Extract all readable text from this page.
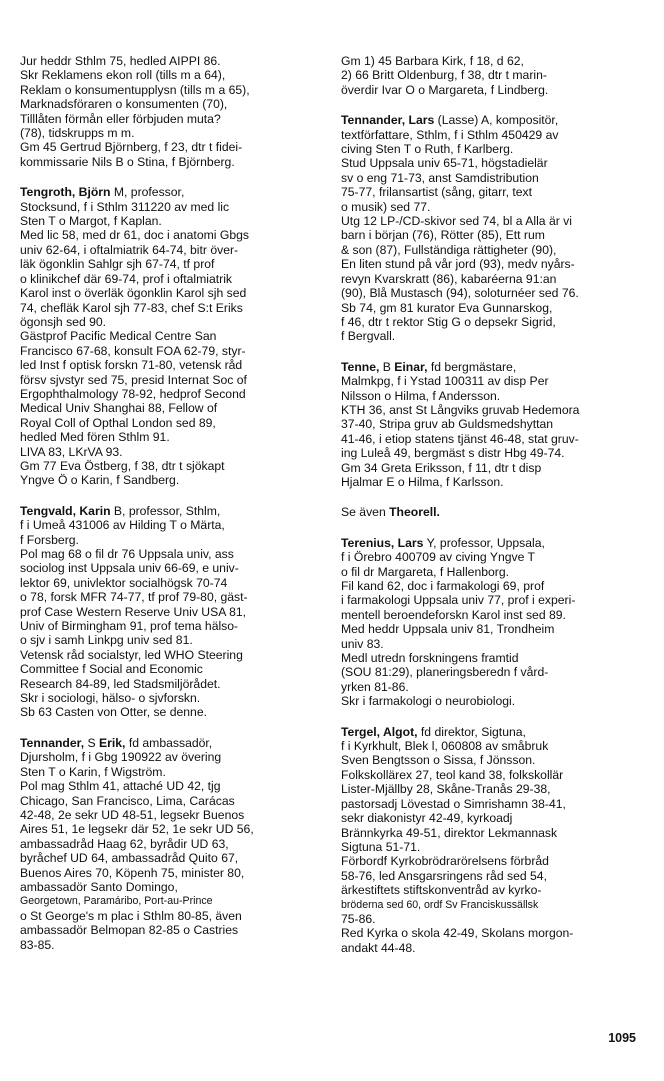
Jur heddr Sthlm 75, hedled AIPPI 86.
Skr Reklamens ekon roll (tills m a 64),
Reklam o konsumentupplysn (tills m a 65),
Marknadsföraren o konsumenten (70),
Tilllåten förmån eller förbjuden muta?
(78), tidskrupps m m.
Gm 45 Gertrud Björnberg, f 23, dtr t fidei-
kommissarie Nils B o Stina, f Björnberg.
Tengroth, Björn M, professor,
Stocksund, f i Sthlm 311220 av med lic
Sten T o Margot, f Kaplan.
Med lic 58, med dr 61, doc i anatomi Gbgs
univ 62-64, i oftalmiatrik 64-74, bitr över-
läk ögonklin Sahlgr sjh 67-74, tf prof
o klinikchef där 69-74, prof i oftalmiatrik
Karol inst o överläk ögonklin Karol sjh sed
74, chefläk Karol sjh 77-83, chef S:t Eriks
ögonsjh sed 90.
Gästprof Pacific Medical Centre San
Francisco 67-68, konsult FOA 62-79, styr-
led Inst f optisk forskn 71-80, vetensk råd
försv sjvstyr sed 75, presid Internat Soc of
Ergophthalmology 78-92, hedprof Second
Medical Univ Shanghai 88, Fellow of
Royal Coll of Opthal London sed 89,
hedled Med fören Sthlm 91.
LIVA 83, LKrVA 93.
Gm 77 Eva Östberg, f 38, dtr t sjökapt
Yngve Ö o Karin, f Sandberg.
Tengvald, Karin B, professor, Sthlm,
f i Umeå 431006 av Hilding T o Märta,
f Forsberg.
Pol mag 68 o fil dr 76 Uppsala univ, ass
sociolog inst Uppsala univ 66-69, e univ-
lektor 69, univlektor socialhögsk 70-74
o 78, forsk MFR 74-77, tf prof 79-80, gäst-
prof Case Western Reserve Univ USA 81,
Univ of Birmingham 91, prof tema hälso-
o sjv i samh Linkpg univ sed 81.
Vetensk råd socialstyr, led WHO Steering
Committee f Social and Economic
Research 84-89, led Stadsmiljörådet.
Skr i sociologi, hälso- o sjvforskn.
Sb 63 Casten von Otter, se denne.
Tennander, S Erik, fd ambassadör,
Djursholm, f i Gbg 190922 av övering
Sten T o Karin, f Wigström.
Pol mag Sthlm 41, attaché UD 42, tjg
Chicago, San Francisco, Lima, Carácas
42-48, 2e sekr UD 48-51, legsekr Buenos
Aires 51, 1e legsekr där 52, 1e sekr UD 56,
ambassadråd Haag 62, byrådir UD 63,
byråchef UD 64, ambassadråd Quito 67,
Buenos Aires 70, Köpenh 75, minister 80,
ambassadör Santo Domingo,
Georgetown, Paramáribo, Port-au-Prince
o St George's m plac i Sthlm 80-85, även
ambassadör Belmopan 82-85 o Castries
83-85.
Gm 1) 45 Barbara Kirk, f 18, d 62,
2) 66 Britt Oldenburg, f 38, dtr t marin-
överdir Ivar O o Margareta, f Lindberg.
Tennander, Lars (Lasse) A, kompositör,
textförfattare, Sthlm, f i Sthlm 450429 av
civing Sten T o Ruth, f Karlberg.
Stud Uppsala univ 65-71, högstadielär
sv o eng 71-73, anst Samdistribution
75-77, frilansartist (sång, gitarr, text
o musik) sed 77.
Utg 12 LP-/CD-skivor sed 74, bl a Alla är vi
barn i början (76), Rötter (85), Ett rum
& son (87), Fullständiga rättigheter (90),
En liten stund på vår jord (93), medv nyårs-
revyn Kvarskratt (86), kabaréerna 91:an
(90), Blå Mustasch (94), soloturnéer sed 76.
Sb 74, gm 81 kurator Eva Gunnarskog,
f 46, dtr t rektor Stig G o depsekr Sigrid,
f Bergvall.
Tenne, B Einar, fd bergmästare,
Malmkpg, f i Ystad 100311 av disp Per
Nilsson o Hilma, f Andersson.
KTH 36, anst St Långviks gruvab Hedemora
37-40, Stripa gruv ab Guldsmedshyttan
41-46, i etiop statens tjänst 46-48, stat gruv-
ing Luleå 49, bergmäst s distr Hbg 49-74.
Gm 34 Greta Eriksson, f 11, dtr t disp
Hjalmar E o Hilma, f Karlsson.
Se även Theorell.
Terenius, Lars Y, professor, Uppsala,
f i Örebro 400709 av civing Yngve T
o fil dr Margareta, f Hallenborg.
Fil kand 62, doc i farmakologi 69, prof
i farmakologi Uppsala univ 77, prof i experi-
mentell beroendeforskn Karol inst sed 89.
Med heddr Uppsala univ 81, Trondheim
univ 83.
Medl utredn forskningens framtid
(SOU 81:29), planeringsberedn f vård-
yrken 81-86.
Skr i farmakologi o neurobiologi.
Tergel, Algot, fd direktor, Sigtuna,
f i Kyrkhult, Blek l, 060808 av småbruk
Sven Bengtsson o Sissa, f Jönsson.
Folkskollärex 27, teol kand 38, folkskollär
Lister-Mjällby 28, Skåne-Tranås 29-38,
pastorsadj Lövestad o Simrishamn 38-41,
sekr diakonistyr 42-49, kyrkoadj
Brännkyrka 49-51, direktor Lekmannask
Sigtuna 51-71.
Förbordf Kyrkobrödrarörelsens förbråd
58-76, led Ansgarsringens råd sed 54,
ärkestiftets stiftskonventråd av kyrko-
bröderna sed 60, ordf Sv Franciskussällsk
75-86.
Red Kyrka o skola 42-49, Skolans morgon-
andakt 44-48.
1095
